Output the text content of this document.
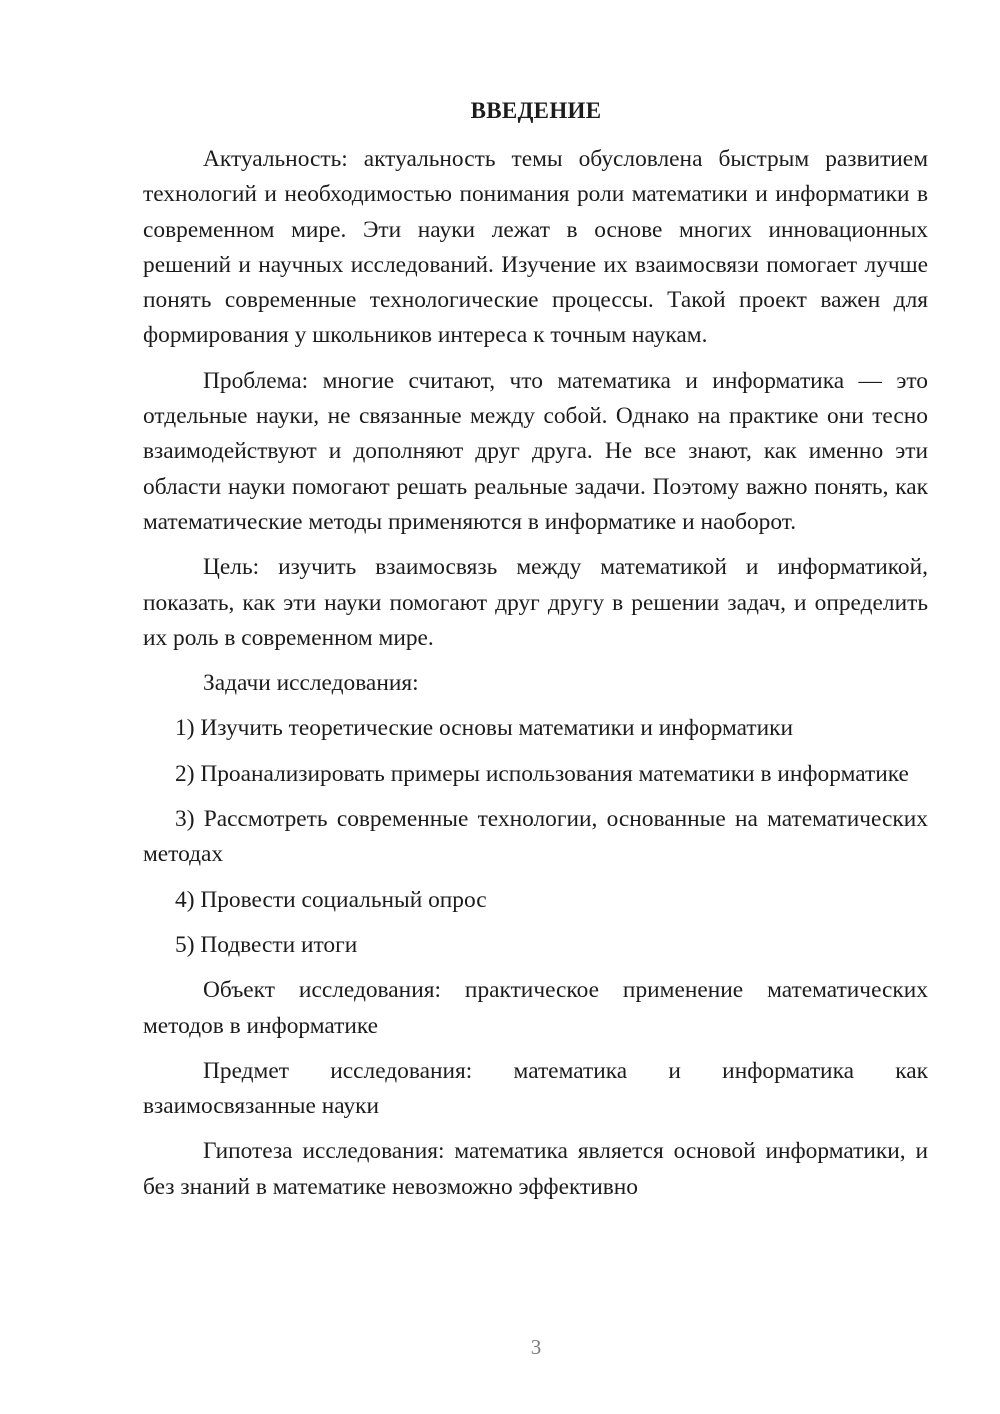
ВВЕДЕНИЕ

Актуальность: актуальность темы обусловлена быстрым развитием технологий и необходимостью понимания роли математики и информатики в современном мире. Эти науки лежат в основе многих инновационных решений и научных исследований. Изучение их взаимосвязи помогает лучше понять современные технологические процессы. Такой проект важен для формирования у школьников интереса к точным наукам.

Проблема: многие считают, что математика и информатика — это отдельные науки, не связанные между собой. Однако на практике они тесно взаимодействуют и дополняют друг друга. Не все знают, как именно эти области науки помогают решать реальные задачи. Поэтому важно понять, как математические методы применяются в информатике и наоборот.

Цель: изучить взаимосвязь между математикой и информатикой, показать, как эти науки помогают друг другу в решении задач, и определить их роль в современном мире.

Задачи исследования:

1) Изучить теоретические основы математики и информатики

2) Проанализировать примеры использования математики в информатике

3) Рассмотреть современные технологии, основанные на математических методах

4) Провести социальный опрос

5) Подвести итоги

Объект исследования: практическое применение математических методов в информатике

Предмет исследования: математика и информатика как взаимосвязанные науки

Гипотеза исследования: математика является основой информатики, и без знаний в математике невозможно эффективно

3
